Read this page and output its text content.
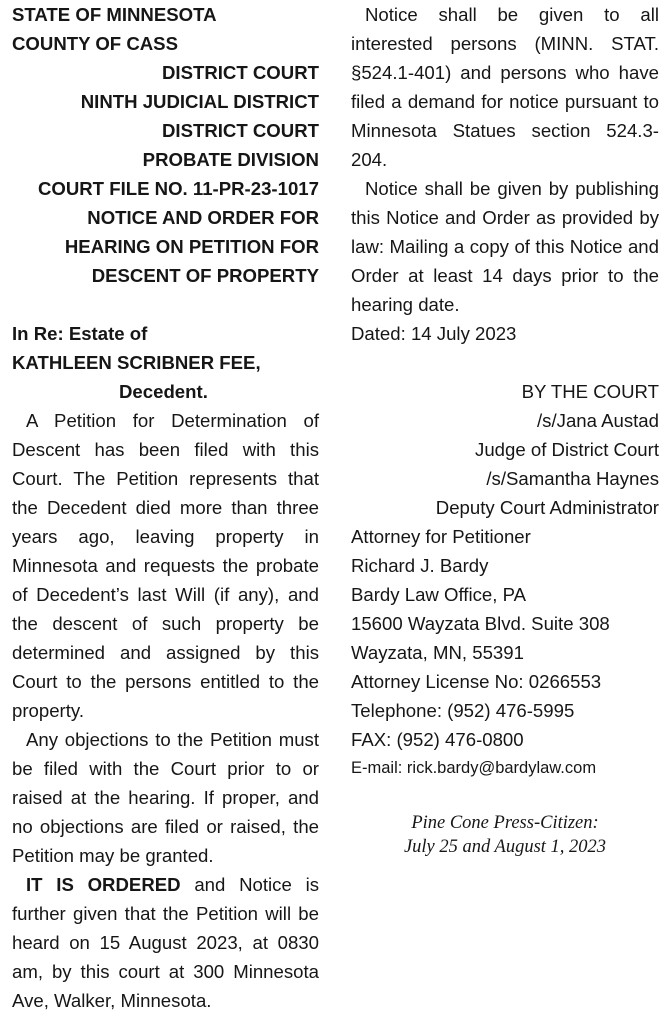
STATE OF MINNESOTA
COUNTY OF CASS
DISTRICT COURT
NINTH JUDICIAL DISTRICT
DISTRICT COURT
PROBATE DIVISION
COURT FILE NO. 11-PR-23-1017
NOTICE AND ORDER FOR
HEARING ON PETITION FOR
DESCENT OF PROPERTY
In Re: Estate of
KATHLEEN SCRIBNER FEE,
Decedent.
A Petition for Determination of Descent has been filed with this Court. The Petition represents that the Decedent died more than three years ago, leaving property in Minnesota and requests the probate of Decedent’s last Will (if any), and the descent of such property be determined and assigned by this Court to the persons entitled to the property.
Any objections to the Petition must be filed with the Court prior to or raised at the hearing. If proper, and no objections are filed or raised, the Petition may be granted.
IT IS ORDERED and Notice is further given that the Petition will be heard on 15 August 2023, at 0830 am, by this court at 300 Minnesota Ave, Walker, Minnesota.
Notice shall be given to all interested persons (MINN. STAT. §524.1-401) and persons who have filed a demand for notice pursuant to Minnesota Statues section 524.3-204.
Notice shall be given by publishing this Notice and Order as provided by law: Mailing a copy of this Notice and Order at least 14 days prior to the hearing date.
Dated: 14 July 2023
BY THE COURT
/s/Jana Austad
Judge of District Court
/s/Samantha Haynes
Deputy Court Administrator
Attorney for Petitioner
Richard J. Bardy
Bardy Law Office, PA
15600 Wayzata Blvd. Suite 308
Wayzata, MN, 55391
Attorney License No: 0266553
Telephone: (952) 476-5995
FAX: (952) 476-0800
E-mail: rick.bardy@bardylaw.com
Pine Cone Press-Citizen:
July 25 and August 1, 2023
